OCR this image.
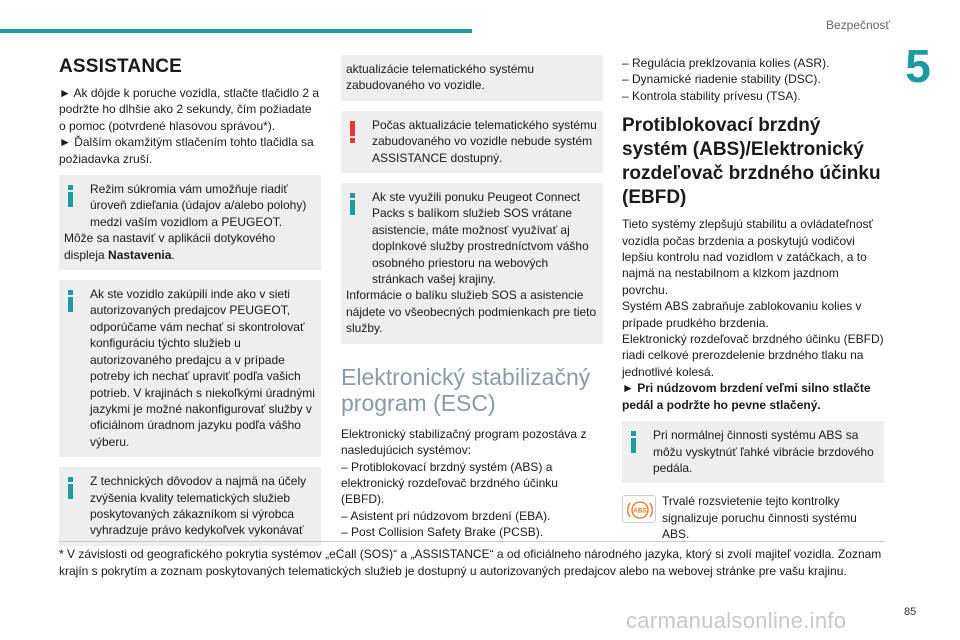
Bezpečnosť
5
ASSISTANCE

► Ak dôjde k poruche vozidla, stlačte tlačidlo 2 a podržte ho dlhšie ako 2 sekundy, čím požiadate o pomoc (potvrdené hlasovou správou*).

► Ďalším okamžitým stlačením tohto tlačidla sa požiadavka zruší.

Režim súkromia vám umožňuje riadiť úroveň zdieľania (údajov a/alebo polohy) medzi vaším vozidlom a PEUGEOT.

Môže sa nastaviť v aplikácii dotykového displeja Nastavenia.

Ak ste vozidlo zakúpili inde ako v sieti autorizovaných predajcov PEUGEOT, odporúčame vám nechať si skontrolovať konfiguráciu týchto služieb u autorizovaného predajcu a v prípade potreby ich nechať upraviť podľa vašich potrieb. V krajinách s niekoľkými úradnými jazykmi je možné nakonfigurovať služby v oficiálnom úradnom jazyku podľa vášho výberu.

Z technických dôvodov a najmä na účely zvýšenia kvality telematických služieb poskytovaných zákazníkom si výrobca vyhradzuje právo kedykoľvek vykonávať

aktualizácie telematického systému zabudovaného vo vozidle.

Počas aktualizácie telematického systému zabudovaného vo vozidle nebude systém ASSISTANCE dostupný.

Ak ste využili ponuku Peugeot Connect Packs s balíkom služieb SOS vrátane asistencie, máte možnosť využívať aj doplnkové služby prostredníctvom vášho osobného priestoru na webových stránkach vašej krajiny.

Informácie o balíku služieb SOS a asistencie nájdete vo všeobecných podmienkach pre tieto služby.

Elektronický stabilizačný program (ESC)

Elektronický stabilizačný program pozostáva z nasledujúcich systémov:

– Protiblokovací brzdný systém (ABS) a elektronický rozdeľovač brzdného účinku (EBFD).

– Asistent pri núdzovom brzdení (EBA).

– Post Collision Safety Brake (PCSB).

– Regulácia preklzovania kolies (ASR).

– Dynamické riadenie stability (DSC).

– Kontrola stability prívesu (TSA).

Protiblokovací brzdný systém (ABS)/Elektronický rozdeľovač brzdného účinku (EBFD)

Tieto systémy zlepšujú stabilitu a ovládateľnosť vozidla počas brzdenia a poskytujú vodičovi lepšiu kontrolu nad vozidlom v zatáčkach, a to najmä na nestabilnom a klzkom jazdnom povrchu.

Systém ABS zabraňuje zablokovaniu kolies v prípade prudkého brzdenia.

Elektronický rozdeľovač brzdného účinku (EBFD) riadi celkové prerozdelenie brzdného tlaku na jednotlivé kolesá.

► Pri núdzovom brzdení veľmi silno stlačte pedál a podržte ho pevne stlačený.

Pri normálnej činnosti systému ABS sa môžu vyskytnúť ľahké vibrácie brzdového pedála.

ABS

Trvalé rozsvietenie tejto kontrolky signalizuje poruchu činnosti systému ABS.

* V závislosti od geografického pokrytia systémov „eCall (SOS)“ a „ASSISTANCE“ a od oficiálneho národného jazyka, ktorý si zvolí majiteľ vozidla. Zoznam krajín s pokrytím a zoznam poskytovaných telematických služieb je dostupný u autorizovaných predajcov alebo na webovej stránke pre vašu krajinu.

carmanualsonline.info	85
